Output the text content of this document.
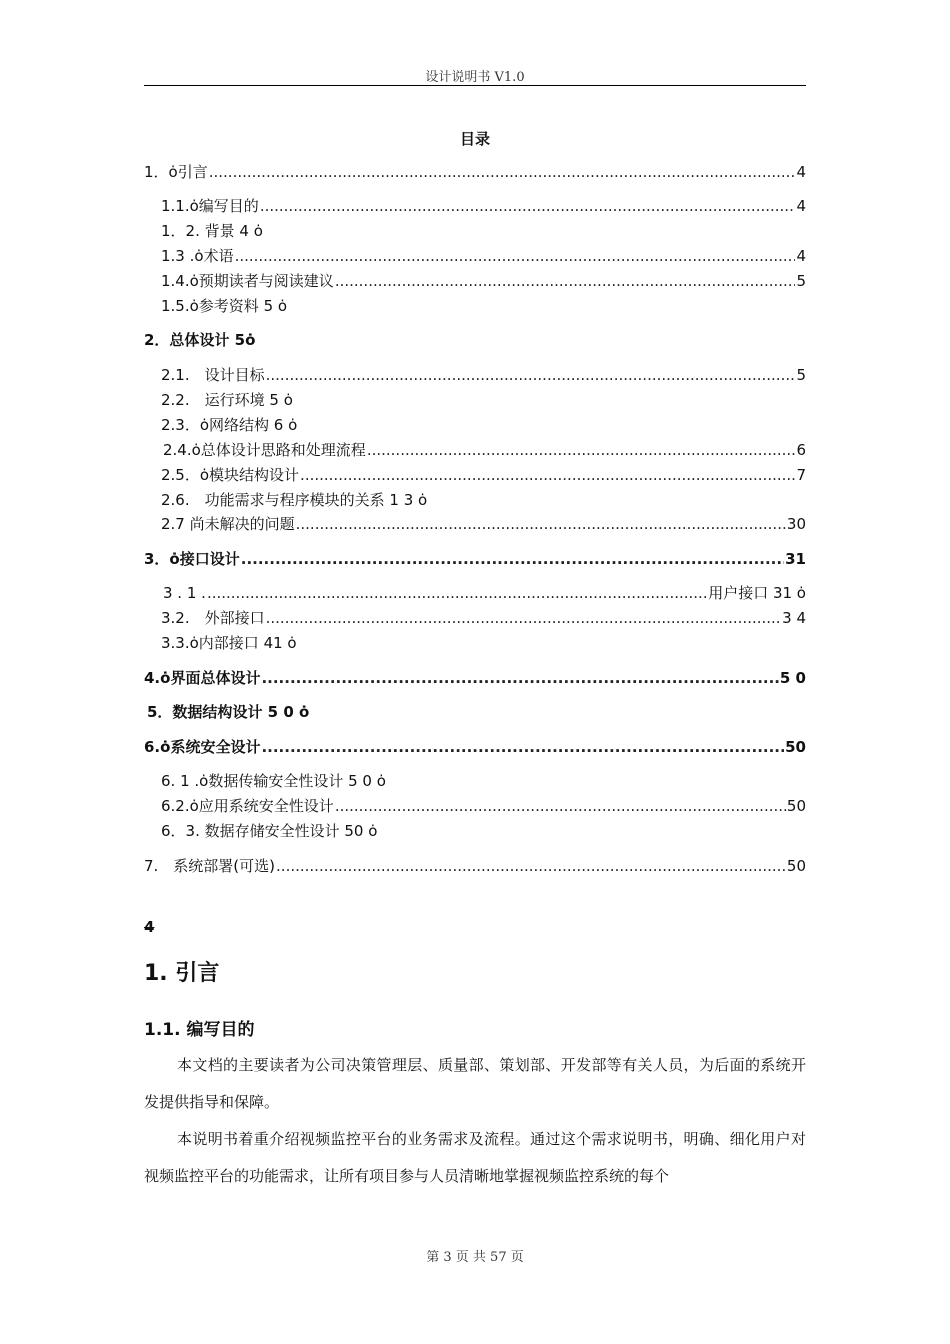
设计说明书 V1.0
目录
1．ȯ引言 .....	4
1.1.ȯ编写目的 .....	4
1．2. 背景 4 ȯ
1.3 .ȯ术语 .....	4
1.4.ȯ预期读者与阅读建议 .....	5
1.5.ȯ参考资料 5 ȯ
2．总体设计 5ȯ
2.1.　设计目标 .....	5
2.2.　运行环境 5 ȯ
2.3．ȯ网络结构 6 ȯ
2.4.ȯ总体设计思路和处理流程 .....	6
2.5．ȯ模块结构设计 .....	7
2.6.　功能需求与程序模块的关系 1 3 ȯ
2.7 尚未解决的问题 .....	30
3．ȯ接口设计 .....	31
3 . 1 . .....	用户接口 31 ȯ
3.2.　外部接口 .....	3 4
3.3.ȯ内部接口 41 ȯ
4.ȯ界面总体设计 .....	5 0
5．数据结构设计 5 0 ȯ
6.ȯ系统安全设计 .....	50
6. 1 .ȯ数据传输安全性设计 5 0 ȯ
6.2.ȯ应用系统安全性设计 .....	50
6．3. 数据存储安全性设计 50 ȯ
7.　系统部署(可选) .....	50
4
1. 引言
1.1. 编写目的

本文档的主要读者为公司决策管理层、质量部、策划部、开发部等有关人员，为后面的系统开发提供指导和保障。

本说明书着重介绍视频监控平台的业务需求及流程。通过这个需求说明书，明确、细化用户对视频监控平台的功能需求，让所有项目参与人员清晰地掌握视频监控系统的每个

第 3 页 共 57 页
